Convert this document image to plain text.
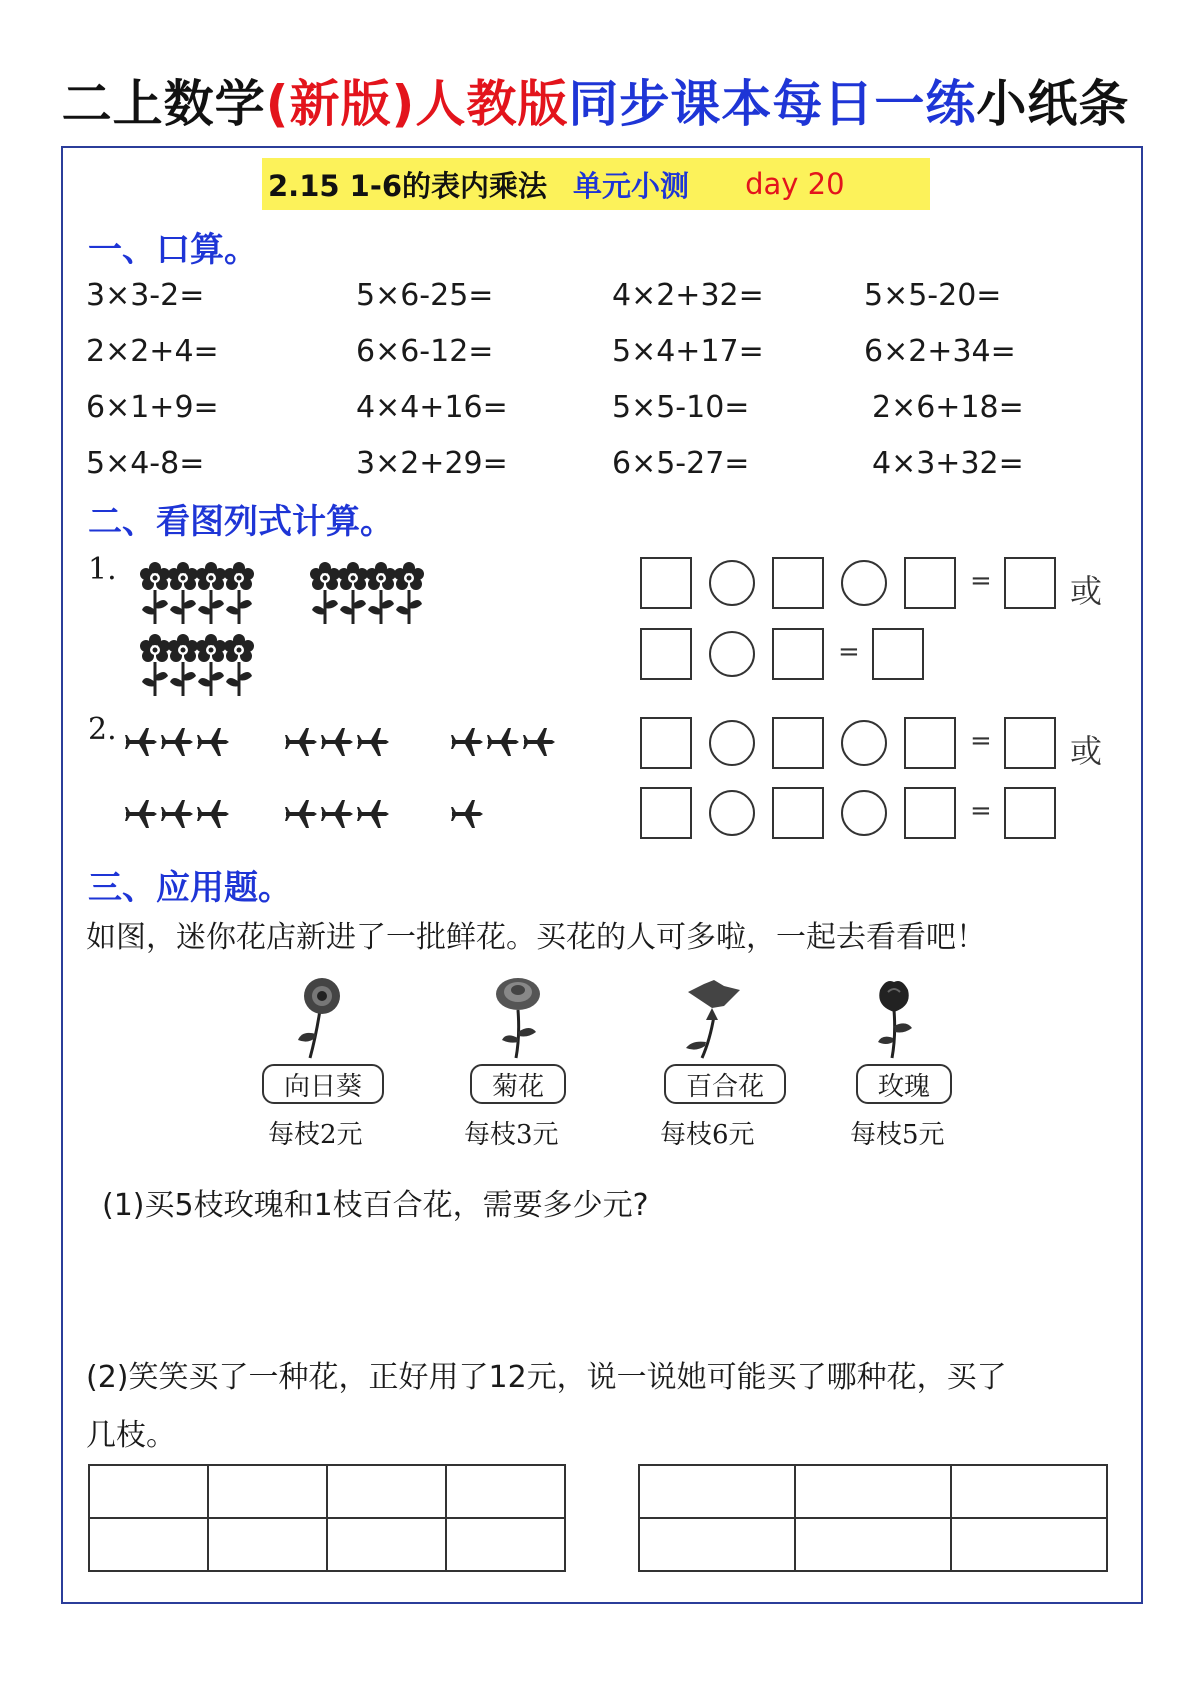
二上数学(新版)人教版同步课本每日一练小纸条
2.15 1-6的表内乘法 单元小测 day 20
一、口算。
3×3-2=	5×6-25=	4×2+32=	5×5-20=
2×2+4=	6×6-12=	5×4+17=	6×2+34=
6×1+9=	4×4+16=	5×5-10=	2×6+18=
5×4-8=	3×2+29=	6×5-27=	4×3+32=
二、看图列式计算。
1.
2.
= 或
=
= 或
=
三、应用题。
如图，迷你花店新进了一批鲜花。买花的人可多啦，一起去看看吧！
向日葵	菊花	百合花	玫瑰
每枝2元	每枝3元	每枝6元	每枝5元
(1)买5枝玫瑰和1枝百合花，需要多少元?
(2)笑笑买了一种花，正好用了12元，说一说她可能买了哪种花，买了
几枝。
